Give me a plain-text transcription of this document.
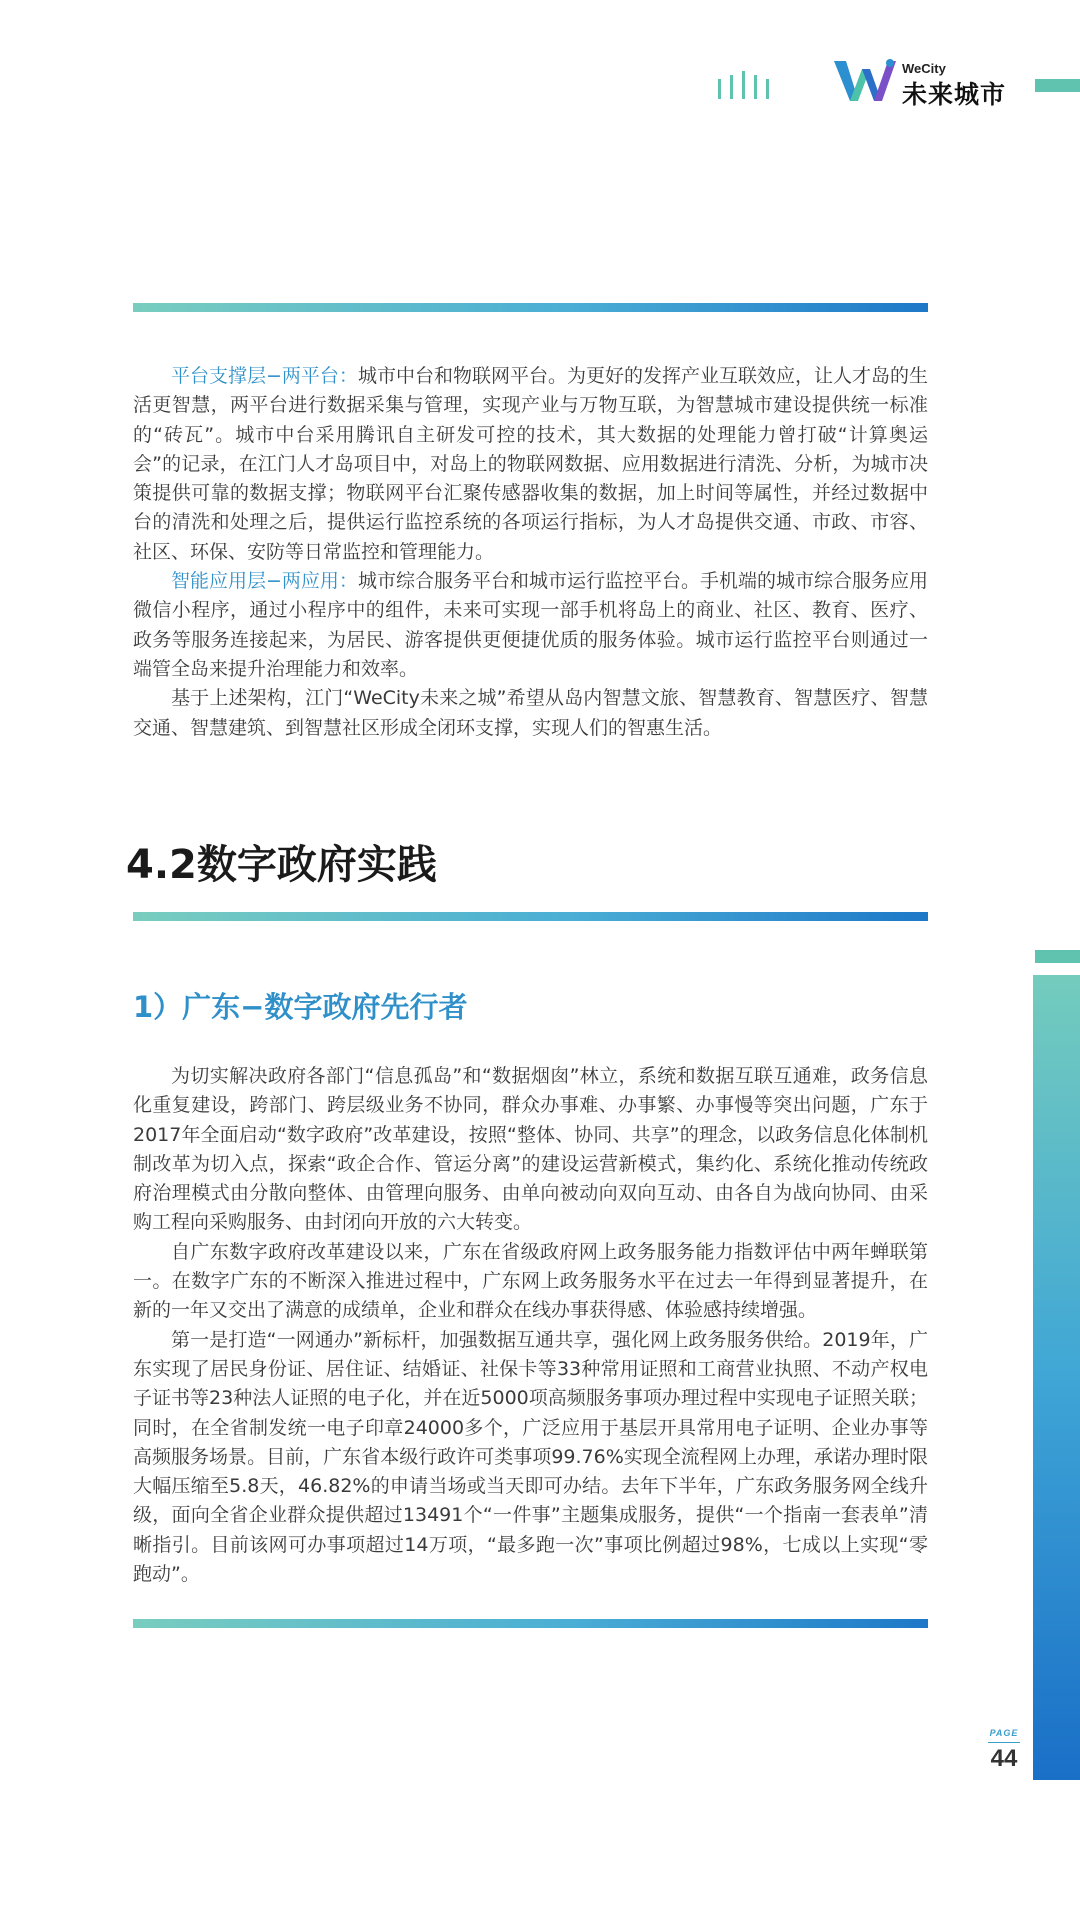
WeCity
未来城市

平台支撑层−两平台：城市中台和物联网平台。为更好的发挥产业互联效应，让人才岛的生活更智慧，两平台进行数据采集与管理，实现产业与万物互联，为智慧城市建设提供统一标准的“砖瓦”。城市中台采用腾讯自主研发可控的技术，其大数据的处理能力曾打破“计算奥运会”的记录，在江门人才岛项目中，对岛上的物联网数据、应用数据进行清洗、分析，为城市决策提供可靠的数据支撑；物联网平台汇聚传感器收集的数据，加上时间等属性，并经过数据中台的清洗和处理之后，提供运行监控系统的各项运行指标，为人才岛提供交通、市政、市容、社区、环保、安防等日常监控和管理能力。

智能应用层−两应用：城市综合服务平台和城市运行监控平台。手机端的城市综合服务应用微信小程序，通过小程序中的组件，未来可实现一部手机将岛上的商业、社区、教育、医疗、政务等服务连接起来，为居民、游客提供更便捷优质的服务体验。城市运行监控平台则通过一端管全岛来提升治理能力和效率。

基于上述架构，江门“WeCity未来之城”希望从岛内智慧文旅、智慧教育、智慧医疗、智慧交通、智慧建筑、到智慧社区形成全闭环支撑，实现人们的智惠生活。

4.2数字政府实践
1）广东−数字政府先行者

为切实解决政府各部门“信息孤岛”和“数据烟囱”林立，系统和数据互联互通难，政务信息化重复建设，跨部门、跨层级业务不协同，群众办事难、办事繁、办事慢等突出问题，广东于2017年全面启动“数字政府”改革建设，按照“整体、协同、共享”的理念，以政务信息化体制机制改革为切入点，探索“政企合作、管运分离”的建设运营新模式，集约化、系统化推动传统政府治理模式由分散向整体、由管理向服务、由单向被动向双向互动、由各自为战向协同、由采购工程向采购服务、由封闭向开放的六大转变。

自广东数字政府改革建设以来，广东在省级政府网上政务服务能力指数评估中两年蝉联第一。在数字广东的不断深入推进过程中，广东网上政务服务水平在过去一年得到显著提升，在新的一年又交出了满意的成绩单，企业和群众在线办事获得感、体验感持续增强。

第一是打造“一网通办”新标杆，加强数据互通共享，强化网上政务服务供给。2019年，广东实现了居民身份证、居住证、结婚证、社保卡等33种常用证照和工商营业执照、不动产权电子证书等23种法人证照的电子化，并在近5000项高频服务事项办理过程中实现电子证照关联；同时，在全省制发统一电子印章24000多个，广泛应用于基层开具常用电子证明、企业办事等高频服务场景。目前，广东省本级行政许可类事项99.76%实现全流程网上办理，承诺办理时限大幅压缩至5.8天，46.82%的申请当场或当天即可办结。去年下半年，广东政务服务网全线升级，面向全省企业群众提供超过13491个“一件事”主题集成服务，提供“一个指南一套表单”清晰指引。目前该网可办事项超过14万项，“最多跑一次”事项比例超过98%，七成以上实现“零跑动”。

PAGE
44
